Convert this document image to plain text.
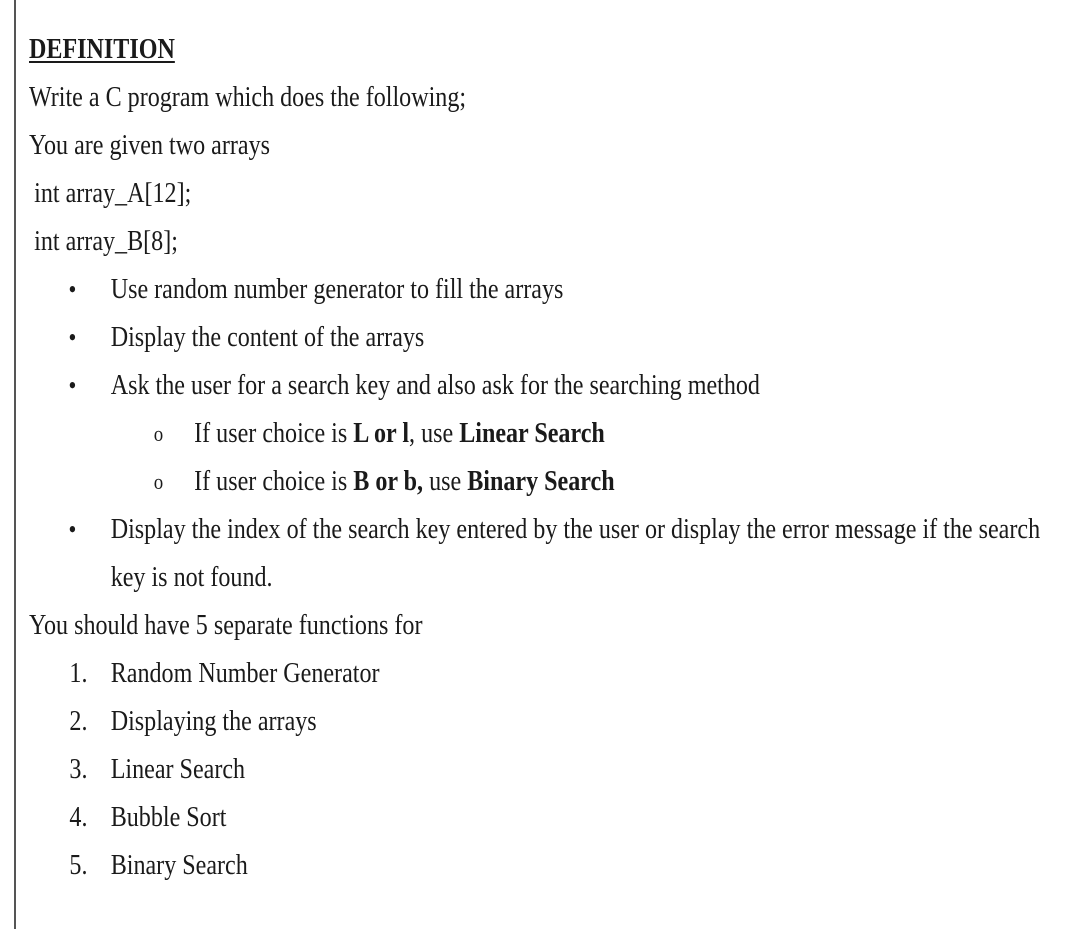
DEFINITION
Write a C program which does the following;
You are given two arrays
int array_A[12];
int array_B[8];
• Use random number generator to fill the arrays
• Display the content of the arrays
• Ask the user for a search key and also ask for the searching method
o If user choice is L or l, use Linear Search
o If user choice is B or b, use Binary Search
• Display the index of the search key entered by the user or display the error message if the search key is not found.
You should have 5 separate functions for
1. Random Number Generator
2. Displaying the arrays
3. Linear Search
4. Bubble Sort
5. Binary Search
